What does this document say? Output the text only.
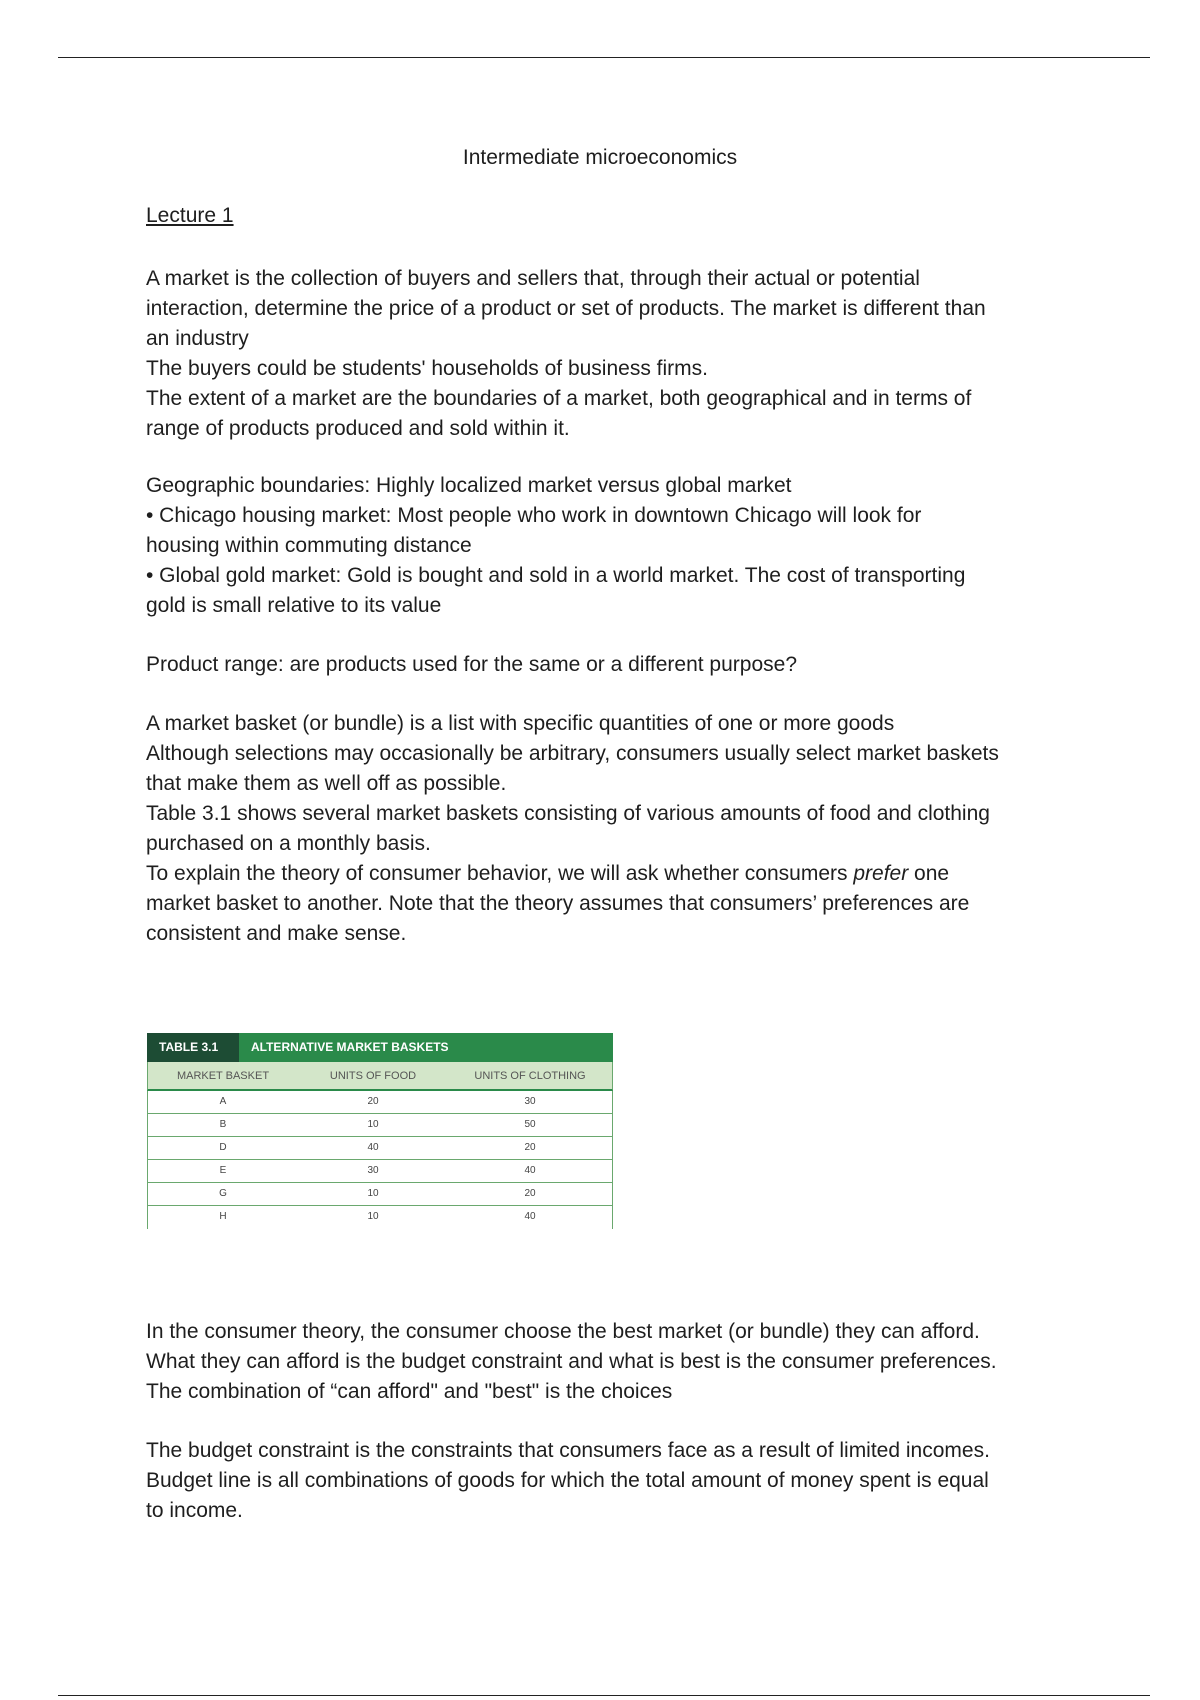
Intermediate microeconomics
Lecture 1

A market is the collection of buyers and sellers that, through their actual or potential
interaction, determine the price of a product or set of products. The market is different than
an industry
The buyers could be students' households of business firms.
The extent of a market are the boundaries of a market, both geographical and in terms of
range of products produced and sold within it.

Geographic boundaries: Highly localized market versus global market
• Chicago housing market: Most people who work in downtown Chicago will look for
housing within commuting distance
• Global gold market: Gold is bought and sold in a world market. The cost of transporting
gold is small relative to its value

Product range: are products used for the same or a different purpose?

A market basket (or bundle) is a list with specific quantities of one or more goods
Although selections may occasionally be arbitrary, consumers usually select market baskets
that make them as well off as possible.
Table 3.1 shows several market baskets consisting of various amounts of food and clothing
purchased on a monthly basis.
To explain the theory of consumer behavior, we will ask whether consumers prefer one
market basket to another. Note that the theory assumes that consumers’ preferences are
consistent and make sense.

TABLE 3.1	ALTERNATIVE MARKET BASKETS
MARKET BASKET	UNITS OF FOOD	UNITS OF CLOTHING
A	20	30
B	10	50
D	40	20
E	30	40
G	10	20
H	10	40

In the consumer theory, the consumer choose the best market (or bundle) they can afford.
What they can afford is the budget constraint and what is best is the consumer preferences.
The combination of “can afford" and "best" is the choices

The budget constraint is the constraints that consumers face as a result of limited incomes.
Budget line is all combinations of goods for which the total amount of money spent is equal
to income.
